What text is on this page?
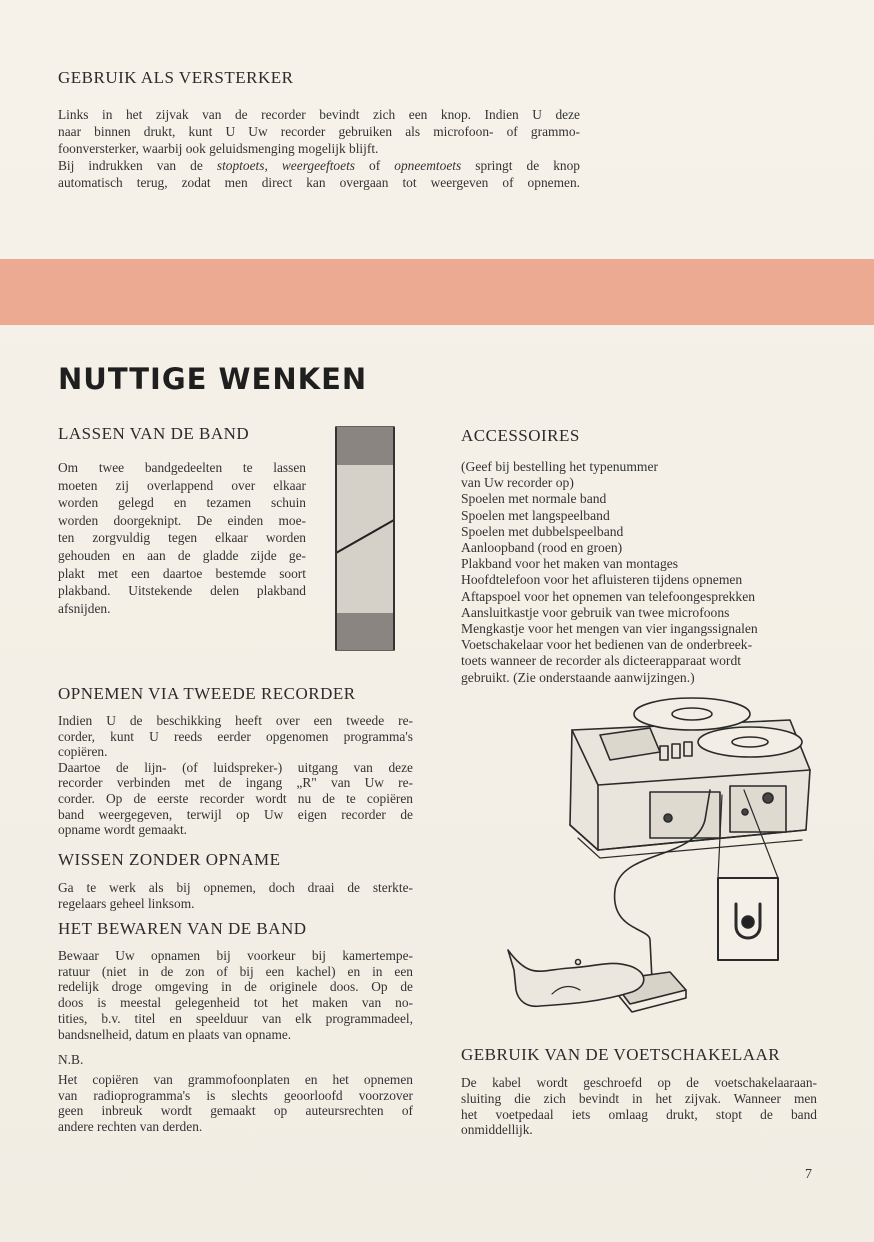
GEBRUIK ALS VERSTERKER
Links in het zijvak van de recorder bevindt zich een knop. Indien U deze
naar binnen drukt, kunt U Uw recorder gebruiken als microfoon- of grammo-
foonversterker, waarbij ook geluidsmenging mogelijk blijft.
Bij indrukken van de stoptoets, weergeeftoets of opneemtoets springt de knop
automatisch terug, zodat men direct kan overgaan tot weergeven of opnemen.
NUTTIGE WENKEN
LASSEN VAN DE BAND
Om twee bandgedeelten te lassen
moeten zij overlappend over elkaar
worden gelegd en tezamen schuin
worden doorgeknipt. De einden moe-
ten zorgvuldig tegen elkaar worden
gehouden en aan de gladde zijde ge-
plakt met een daartoe bestemde soort
plakband. Uitstekende delen plakband
afsnijden.
OPNEMEN VIA TWEEDE RECORDER
Indien U de beschikking heeft over een tweede re-
corder, kunt U reeds eerder opgenomen programma's
copiëren.
Daartoe de lijn- (of luidspreker-) uitgang van deze
recorder verbinden met de ingang „R" van Uw re-
corder. Op de eerste recorder wordt nu de te copiëren
band weergegeven, terwijl op Uw eigen recorder de
opname wordt gemaakt.
WISSEN ZONDER OPNAME
Ga te werk als bij opnemen, doch draai de sterkte-
regelaars geheel linksom.
HET BEWAREN VAN DE BAND
Bewaar Uw opnamen bij voorkeur bij kamertempe-
ratuur (niet in de zon of bij een kachel) en in een
redelijk droge omgeving in de originele doos. Op de
doos is meestal gelegenheid tot het maken van no-
tities, b.v. titel en speelduur van elk programmadeel,
bandsnelheid, datum en plaats van opname.
N.B.
Het copiëren van grammofoonplaten en het opnemen
van radioprogramma's is slechts geoorloofd voorzover
geen inbreuk wordt gemaakt op auteursrechten of
andere rechten van derden.
ACCESSOIRES
(Geef bij bestelling het typenummer
van Uw recorder op)
Spoelen met normale band
Spoelen met langspeelband
Spoelen met dubbelspeelband
Aanloopband (rood en groen)
Plakband voor het maken van montages
Hoofdtelefoon voor het afluisteren tijdens opnemen
Aftapspoel voor het opnemen van telefoongesprekken
Aansluitkastje voor gebruik van twee microfoons
Mengkastje voor het mengen van vier ingangssignalen
Voetschakelaar voor het bedienen van de onderbreek-
toets wanneer de recorder als dicteerapparaat wordt
gebruikt. (Zie onderstaande aanwijzingen.)
GEBRUIK VAN DE VOETSCHAKELAAR
De kabel wordt geschroefd op de voetschakelaaraan-
sluiting die zich bevindt in het zijvak. Wanneer men
het voetpedaal iets omlaag drukt, stopt de band
onmiddellijk.
7
